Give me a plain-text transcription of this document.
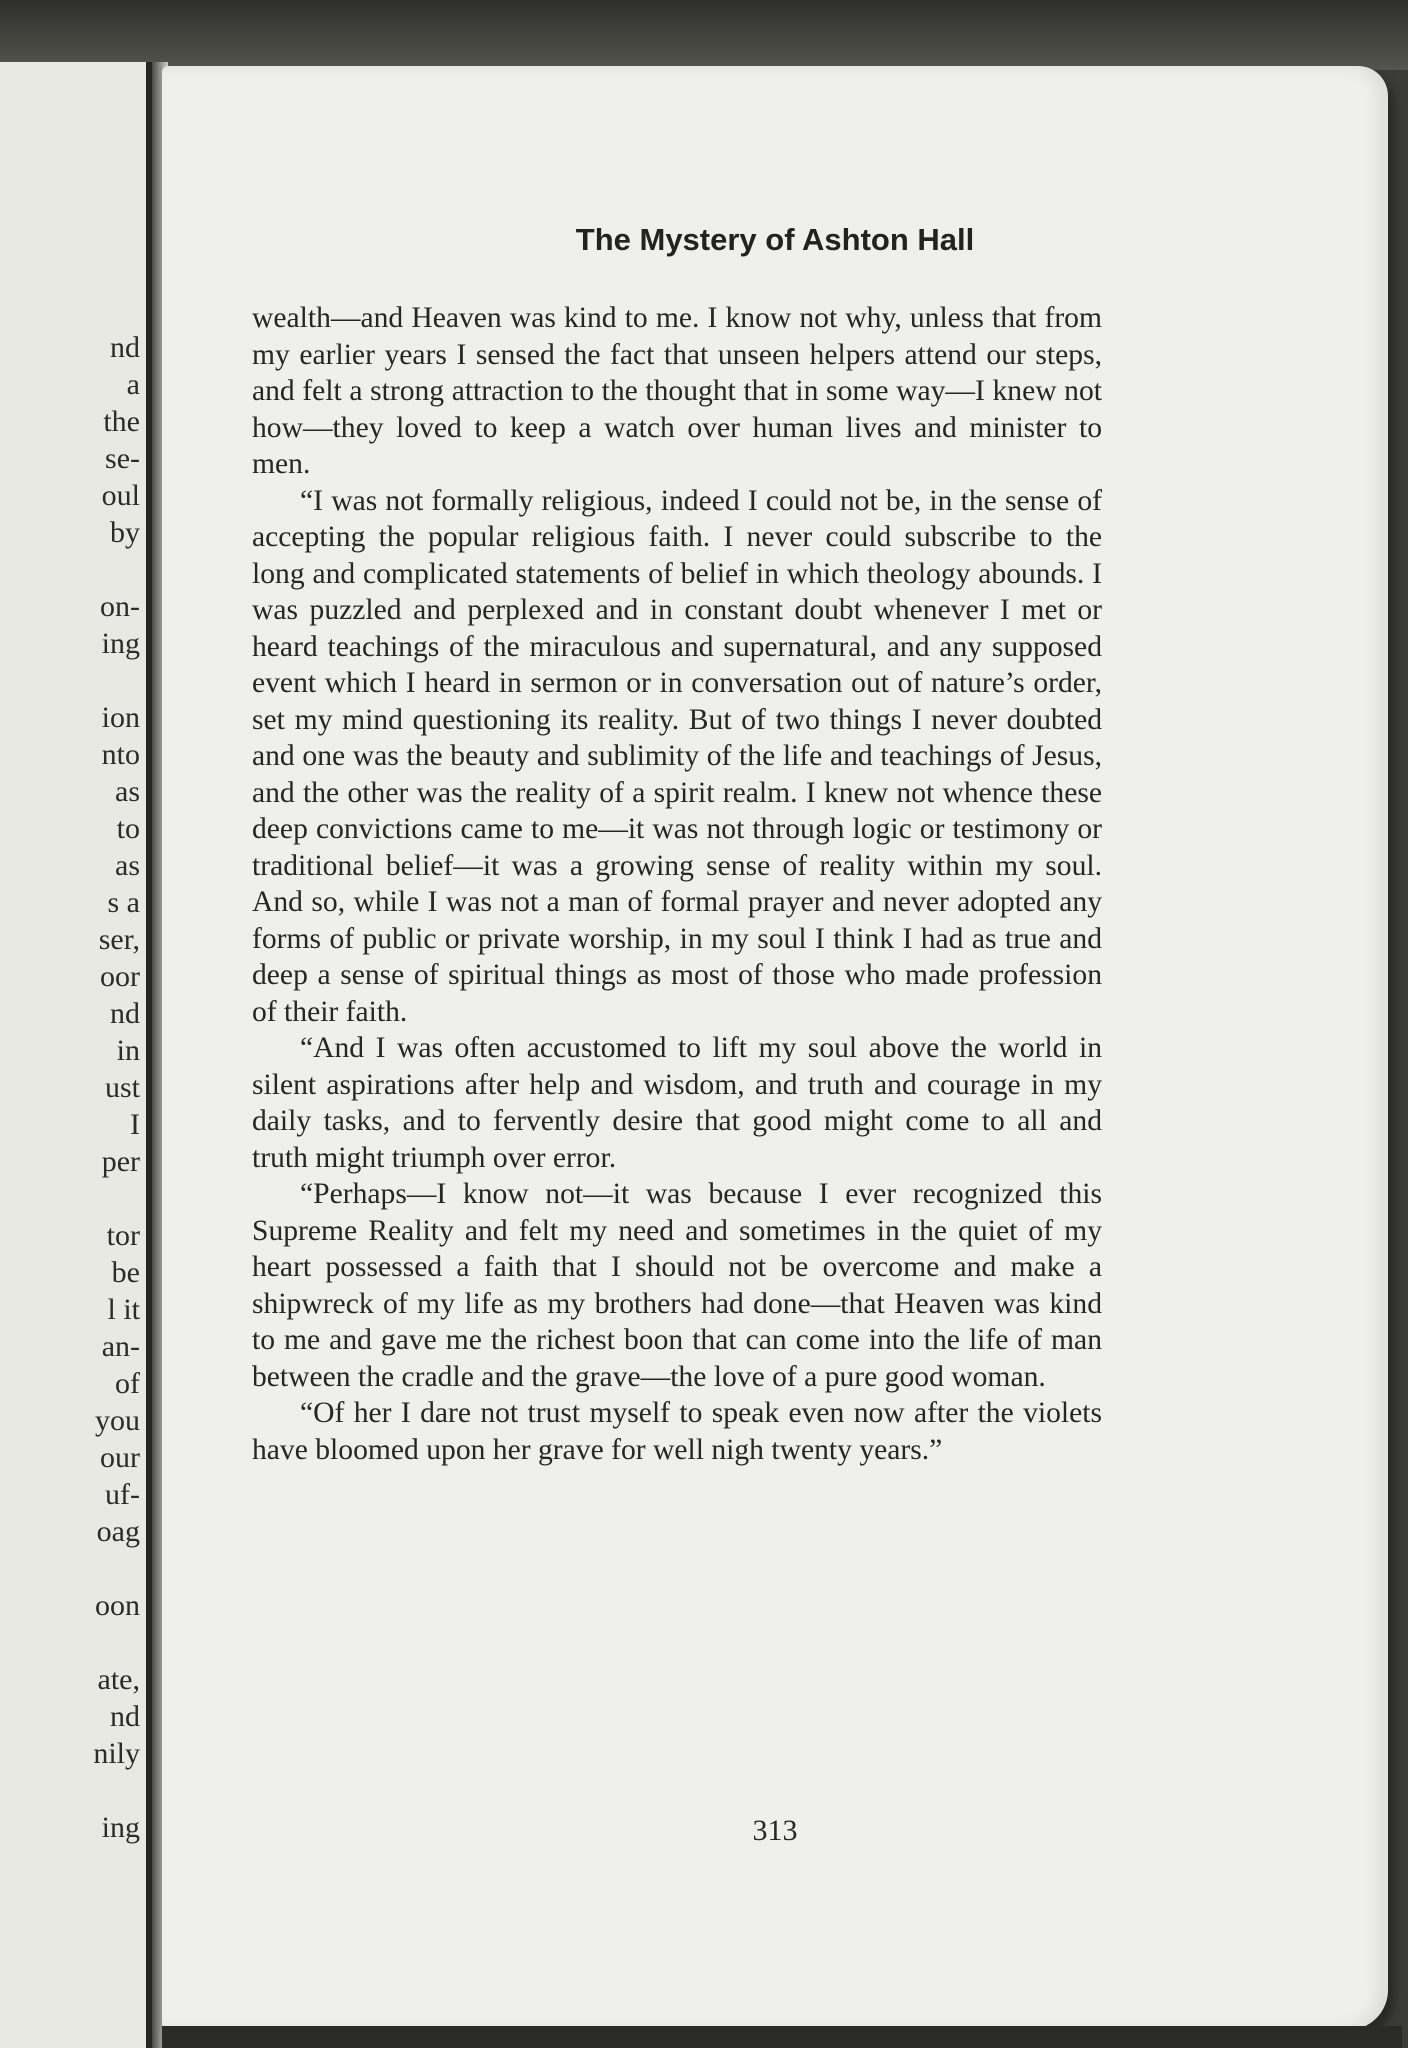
nd
a
the
se-
oul
by
on-
ing
ion
nto
as
to
as
s a
ser,
oor
nd
in
ust
I
per
tor
be
l it
an-
of
you
our
uf-
oag
oon
ate,
nd
nily
ing
The Mystery of Ashton Hall

wealth—and Heaven was kind to me. I know not why, unless that from my earlier years I sensed the fact that unseen helpers attend our steps, and felt a strong attraction to the thought that in some way—I knew not how—they loved to keep a watch over human lives and minister to men.

“I was not formally religious, indeed I could not be, in the sense of accepting the popular religious faith. I never could subscribe to the long and complicated statements of belief in which theology abounds. I was puzzled and perplexed and in constant doubt whenever I met or heard teachings of the miraculous and supernatural, and any supposed event which I heard in sermon or in conversation out of nature’s order, set my mind questioning its reality. But of two things I never doubted and one was the beauty and sublimity of the life and teachings of Jesus, and the other was the reality of a spirit realm. I knew not whence these deep convictions came to me—it was not through logic or testimony or traditional belief—it was a growing sense of reality within my soul. And so, while I was not a man of formal prayer and never adopted any forms of public or private worship, in my soul I think I had as true and deep a sense of spiritual things as most of those who made profession of their faith.

“And I was often accustomed to lift my soul above the world in silent aspirations after help and wisdom, and truth and courage in my daily tasks, and to fervently desire that good might come to all and truth might triumph over error.

“Perhaps—I know not—it was because I ever recognized this Supreme Reality and felt my need and sometimes in the quiet of my heart possessed a faith that I should not be overcome and make a shipwreck of my life as my brothers had done—that Heaven was kind to me and gave me the richest boon that can come into the life of man between the cradle and the grave—the love of a pure good woman.

“Of her I dare not trust myself to speak even now after the violets have bloomed upon her grave for well nigh twenty years.”

313
